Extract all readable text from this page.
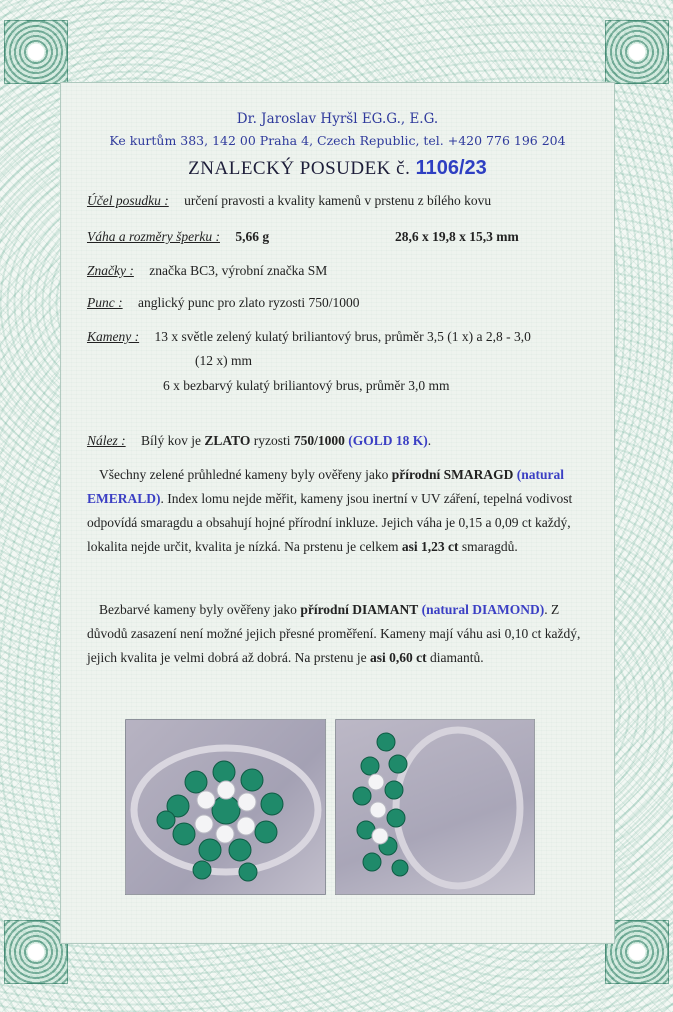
Dr. Jaroslav Hyršl EG.G., E.G.
Ke kurtům 383, 142 00 Praha 4, Czech Republic, tel. +420 776 196 204
ZNALECKÝ POSUDEK č. 1106/23
Účel posudku : určení pravosti a kvality kamenů v prstenu z bílého kovu
Váha a rozměry šperku : 5,66 g	28,6 x 19,8 x 15,3 mm
Značky : značka BC3, výrobní značka SM
Punc : anglický punc pro zlato ryzosti 750/1000
Kameny : 13 x světle zelený kulatý briliantový brus, průměr 3,5 (1 x) a 2,8 - 3,0
(12 x) mm
6 x bezbarvý kulatý briliantový brus, průměr 3,0 mm
Nález : Bílý kov je ZLATO ryzosti 750/1000 (GOLD 18 K).
Všechny zelené průhledné kameny byly ověřeny jako přírodní SMARAGD (natural EMERALD). Index lomu nejde měřit, kameny jsou inertní v UV záření, tepelná vodivost odpovídá smaragdu a obsahují hojné přírodní inkluze. Jejich váha je 0,15 a 0,09 ct každý, lokalita nejde určit, kvalita je nízká. Na prstenu je celkem asi 1,23 ct smaragdů.
Bezbarvé kameny byly ověřeny jako přírodní DIAMANT (natural DIAMOND). Z důvodů zasazení není možné jejich přesné proměření. Kameny mají váhu asi 0,10 ct každý, jejich kvalita je velmi dobrá až dobrá. Na prstenu je asi 0,60 ct diamantů.
